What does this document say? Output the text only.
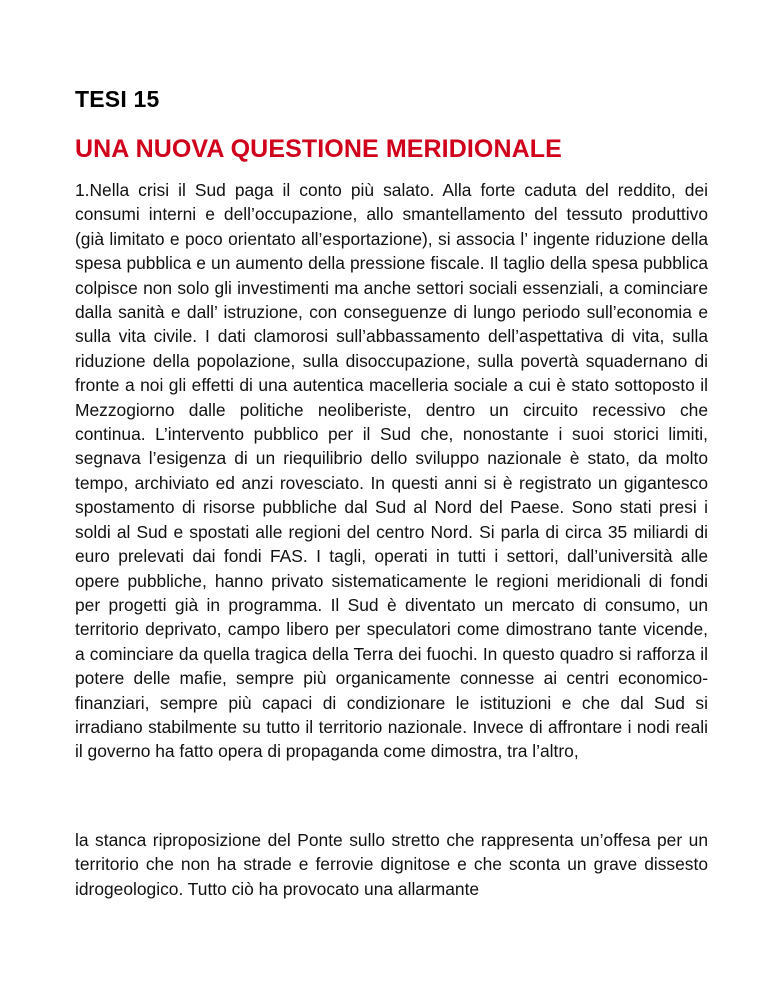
TESI 15
UNA NUOVA QUESTIONE MERIDIONALE

1.Nella crisi il Sud paga il conto più salato. Alla forte caduta del reddito, dei consumi interni e dell’occupazione, allo smantellamento del tessuto produttivo (già limitato e poco orientato all’esportazione), si associa l’ ingente riduzione della spesa pubblica e un aumento della pressione fiscale. Il taglio della spesa pubblica colpisce non solo gli investimenti ma anche settori sociali essenziali, a cominciare dalla sanità e dall’ istruzione, con conseguenze di lungo periodo sull’economia e sulla vita civile. I dati clamorosi sull’abbassamento dell’aspettativa di vita, sulla riduzione della popolazione, sulla disoccupazione, sulla povertà squadernano di fronte a noi gli effetti di una autentica macelleria sociale a cui è stato sottoposto il Mezzogiorno dalle politiche neoliberiste, dentro un circuito recessivo che continua. L’intervento pubblico per il Sud che, nonostante i suoi storici limiti, segnava l’esigenza di un riequilibrio dello sviluppo nazionale è stato, da molto tempo, archiviato ed anzi rovesciato. In questi anni si è registrato un gigantesco spostamento di risorse pubbliche dal Sud al Nord del Paese. Sono stati presi i soldi al Sud e spostati alle regioni del centro Nord. Si parla di circa 35 miliardi di euro prelevati dai fondi FAS. I tagli, operati in tutti i settori, dall’università alle opere pubbliche, hanno privato sistematicamente le regioni meridionali di fondi per progetti già in programma. Il Sud è diventato un mercato di consumo, un territorio deprivato, campo libero per speculatori come dimostrano tante vicende, a cominciare da quella tragica della Terra dei fuochi. In questo quadro si rafforza il potere delle mafie, sempre più organicamente connesse ai centri economico-finanziari, sempre più capaci di condizionare le istituzioni e che dal Sud si irradiano stabilmente su tutto il territorio nazionale. Invece di affrontare i nodi reali il governo ha fatto opera di propaganda come dimostra, tra l’altro,

la stanca riproposizione del Ponte sullo stretto che rappresenta un’offesa per un territorio che non ha strade e ferrovie dignitose e che sconta un grave dissesto idrogeologico. Tutto ciò ha provocato una allarmante
